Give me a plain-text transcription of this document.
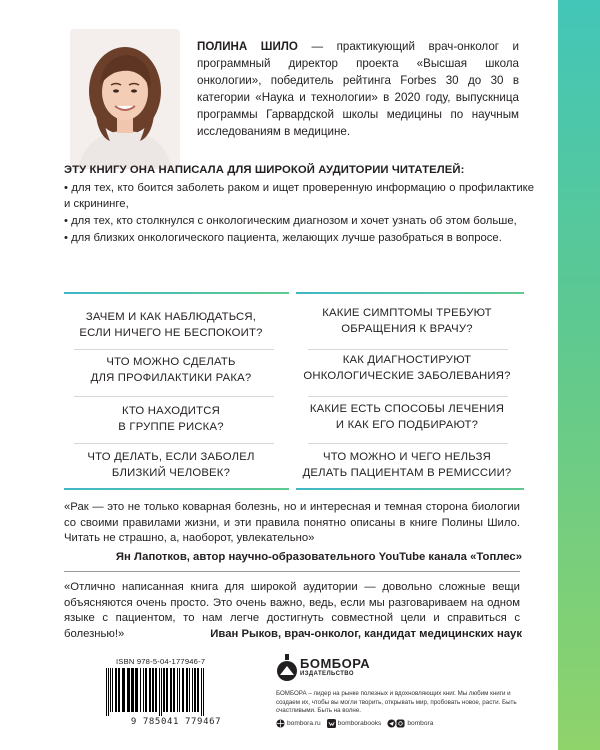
ПОЛИНА ШИЛО — практикующий врач-онколог и программный директор проекта «Высшая школа онкологии», победитель рейтинга Forbes 30 до 30 в категории «Наука и технологии» в 2020 году, выпускница программы Гарвардской школы медицины по научным исследованиям в медицине.

ЭТУ КНИГУ ОНА НАПИСАЛА ДЛЯ ШИРОКОЙ АУДИТОРИИ ЧИТАТЕЛЕЙ:

• для тех, кто боится заболеть раком и ищет проверенную информацию о профилактике и скрининге,
• для тех, кто столкнулся с онкологическим диагнозом и хочет узнать об этом больше,
• для близких онкологического пациента, желающих лучше разобраться в вопросе.
ЗАЧЕМ И КАК НАБЛЮДАТЬСЯ,
ЕСЛИ НИЧЕГО НЕ БЕСПОКОИТ?
КАКИЕ СИМПТОМЫ ТРЕБУЮТ
ОБРАЩЕНИЯ К ВРАЧУ?
ЧТО МОЖНО СДЕЛАТЬ
ДЛЯ ПРОФИЛАКТИКИ РАКА?
КАК ДИАГНОСТИРУЮТ
ОНКОЛОГИЧЕСКИЕ ЗАБОЛЕВАНИЯ?
КТО НАХОДИТСЯ
В ГРУППЕ РИСКА?
КАКИЕ ЕСТЬ СПОСОБЫ ЛЕЧЕНИЯ
И КАК ЕГО ПОДБИРАЮТ?
ЧТО ДЕЛАТЬ, ЕСЛИ ЗАБОЛЕЛ
БЛИЗКИЙ ЧЕЛОВЕК?
ЧТО МОЖНО И ЧЕГО НЕЛЬЗЯ
ДЕЛАТЬ ПАЦИЕНТАМ В РЕМИССИИ?

«Рак — это не только коварная болезнь, но и интересная и темная сторона биологии со своими правилами жизни, и эти правила понятно описаны в книге Полины Шило. Читать не страшно, а, наоборот, увлекательно»

Ян Лапотков, автор научно-образовательного YouTube канала «Топлес»

«Отлично написанная книга для широкой аудитории — довольно сложные вещи объясняются очень просто. Это очень важно, ведь, если мы разговариваем на одном языке с пациентом, то нам легче достигнуть совместной цели и справиться с болезнью!»	Иван Рыков, врач-онколог, кандидат медицинских наук
ISBN 978-5-04-177946-7
9 785041 779467
БОМБОРА
ИЗДАТЕЛЬСТВО

БОМБОРА – лидер на рынке полезных и вдохновляющих книг. Мы любим книги и создаем их, чтобы вы могли творить, открывать мир, пробовать новое, расти. Быть счастливыми. Быть на волне.

bombora.ru	bomborabooks	bombora
